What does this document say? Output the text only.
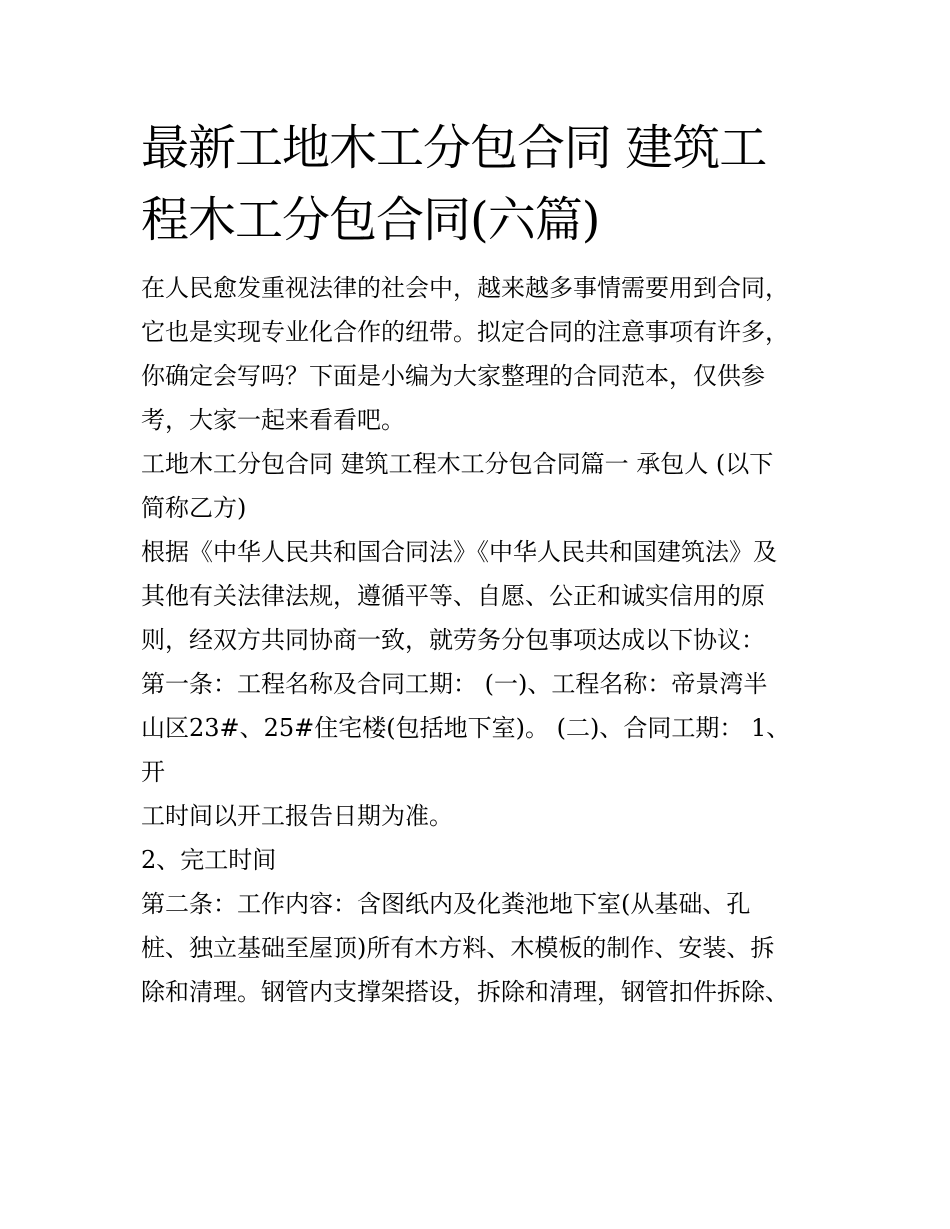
最新工地木工分包合同 建筑工
程木工分包合同(六篇)

在人民愈发重视法律的社会中，越来越多事情需要用到合同，
它也是实现专业化合作的纽带。拟定合同的注意事项有许多，
你确定会写吗？下面是小编为大家整理的合同范本，仅供参
考，大家一起来看看吧。

工地木工分包合同 建筑工程木工分包合同篇一 承包人 (以下
简称乙方)

根据《中华人民共和国合同法》《中华人民共和国建筑法》及
其他有关法律法规，遵循平等、自愿、公正和诚实信用的原
则，经双方共同协商一致，就劳务分包事项达成以下协议：

第一条：工程名称及合同工期： (一)、工程名称：帝景湾半
山区23#、25#住宅楼(包括地下室)。 (二)、合同工期： 1、开
工时间以开工报告日期为准。

2、完工时间

第二条：工作内容：含图纸内及化粪池地下室(从基础、孔
桩、独立基础至屋顶)所有木方料、木模板的制作、安装、拆
除和清理。钢管内支撑架搭设，拆除和清理，钢管扣件拆除、
